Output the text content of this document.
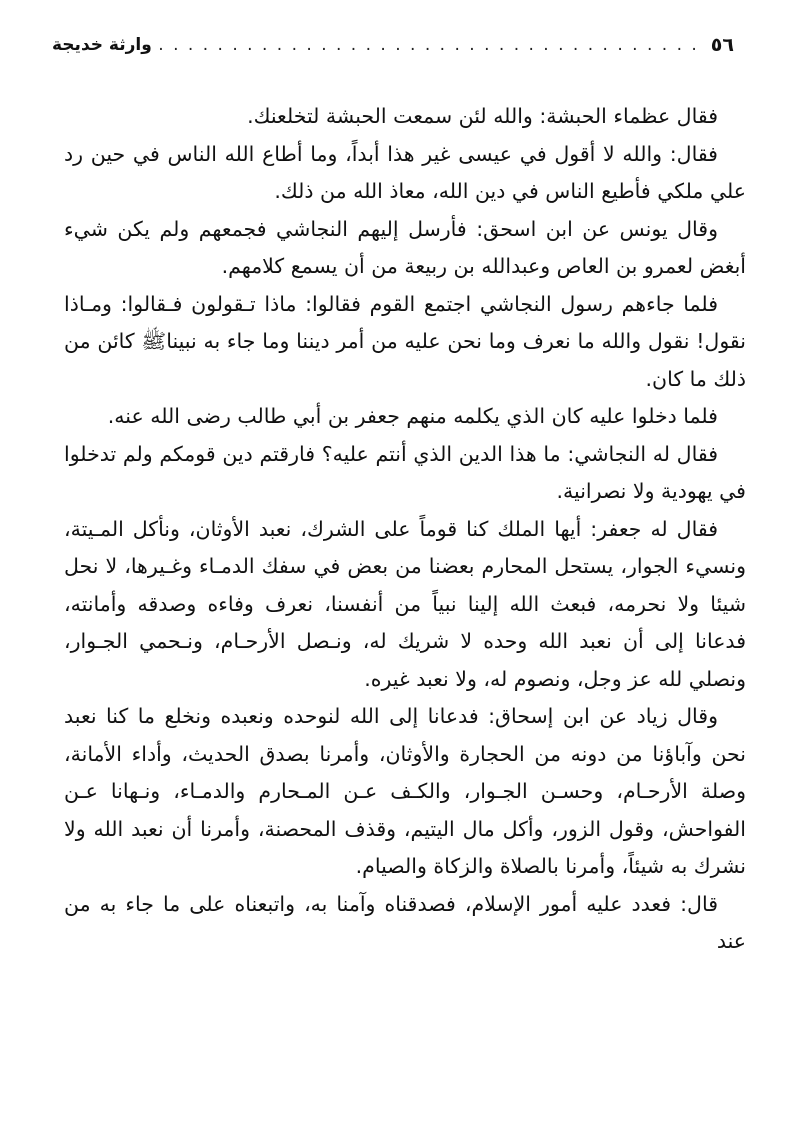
٥٦
. . .
وارثة خديجة

فقال عظماء الحبشة: والله لئن سمعت الحبشة لتخلعنك.

فقال: والله لا أقول في عيسى غير هذا أبداً، وما أطاع الله الناس في حين رد علي ملكي فأطيع الناس في دين الله، معاذ الله من ذلك.

وقال يونس عن ابن اسحق: فأرسل إليهم النجاشي فجمعهم ولم يكن شيء أبغض لعمرو بن العاص وعبدالله بن ربيعة من أن يسمع كلامهم.

فلما جاءهم رسول النجاشي اجتمع القوم فقالوا: ماذا تـقولون فـقالوا: ومـاذا نقول! نقول والله ما نعرف وما نحن عليه من أمر ديننا وما جاء به نبيناﷺ كائن من ذلك ما كان.

فلما دخلوا عليه كان الذي يكلمه منهم جعفر بن أبي طالب رضى الله عنه.

فقال له النجاشي: ما هذا الدين الذي أنتم عليه؟ فارقتم دين قومكم ولم تدخلوا في يهودية ولا نصرانية.

فقال له جعفر: أيها الملك كنا قوماً على الشرك، نعبد الأوثان، ونأكل المـيتة، ونسيء الجوار، يستحل المحارم بعضنا من بعض في سفك الدمـاء وغـيرها، لا نحل شيئا ولا نحرمه، فبعث الله إلينا نبياً من أنفسنا، نعرف وفاءه وصدقه وأمانته، فدعانا إلى أن نعبد الله وحده لا شريك له، ونـصل الأرحـام، ونـحمي الجـوار، ونصلي لله عز وجل، ونصوم له، ولا نعبد غيره.

وقال زياد عن ابن إسحاق: فدعانا إلى الله لنوحده ونعبده ونخلع ما كنا نعبد نحن وآباؤنا من دونه من الحجارة والأوثان، وأمرنا بصدق الحديث، وأداء الأمانة، وصلة الأرحـام، وحسـن الجـوار، والكـف عـن المـحارم والدمـاء، ونـهانا عـن الفواحش، وقول الزور، وأكل مال اليتيم، وقذف المحصنة، وأمرنا أن نعبد الله ولا نشرك به شيئاً، وأمرنا بالصلاة والزكاة والصيام.

قال: فعدد عليه أمور الإسلام، فصدقناه وآمنا به، واتبعناه على ما جاء به من عند
